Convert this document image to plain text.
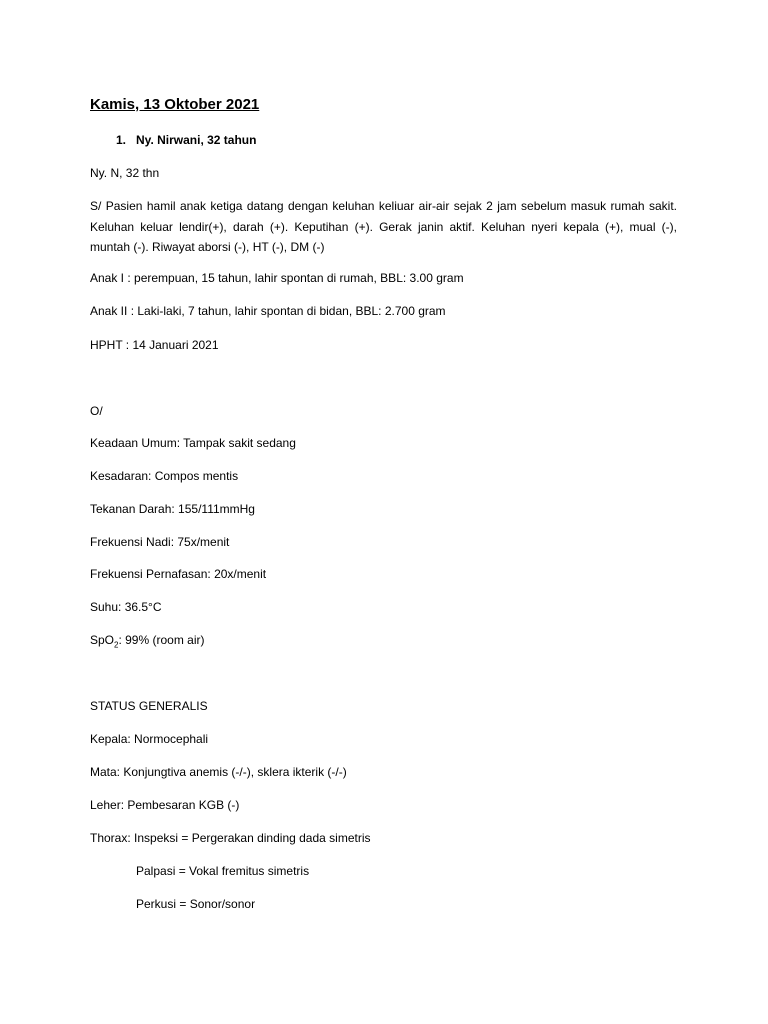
Kamis, 13 Oktober 2021
1. Ny. Nirwani, 32 tahun
Ny. N, 32 thn
S/ Pasien hamil anak ketiga datang dengan keluhan keliuar air-air sejak 2 jam sebelum masuk rumah sakit. Keluhan keluar lendir(+), darah (+). Keputihan (+). Gerak janin aktif. Keluhan nyeri kepala (+), mual (-), muntah (-). Riwayat aborsi (-), HT (-), DM (-)
Anak I : perempuan, 15 tahun, lahir spontan di rumah, BBL: 3.00 gram
Anak II : Laki-laki, 7 tahun, lahir spontan di bidan, BBL: 2.700 gram
HPHT : 14 Januari 2021
O/
Keadaan Umum: Tampak sakit sedang
Kesadaran: Compos mentis
Tekanan Darah: 155/111mmHg
Frekuensi Nadi: 75x/menit
Frekuensi Pernafasan: 20x/menit
Suhu: 36.5°C
SpO$_2$: 99% (room air)
STATUS GENERALIS
Kepala: Normocephali
Mata: Konjungtiva anemis (-/-), sklera ikterik (-/-)
Leher: Pembesaran KGB (-)
Thorax: Inspeksi = Pergerakan dinding dada simetris
Palpasi = Vokal fremitus simetris
Perkusi = Sonor/sonor
